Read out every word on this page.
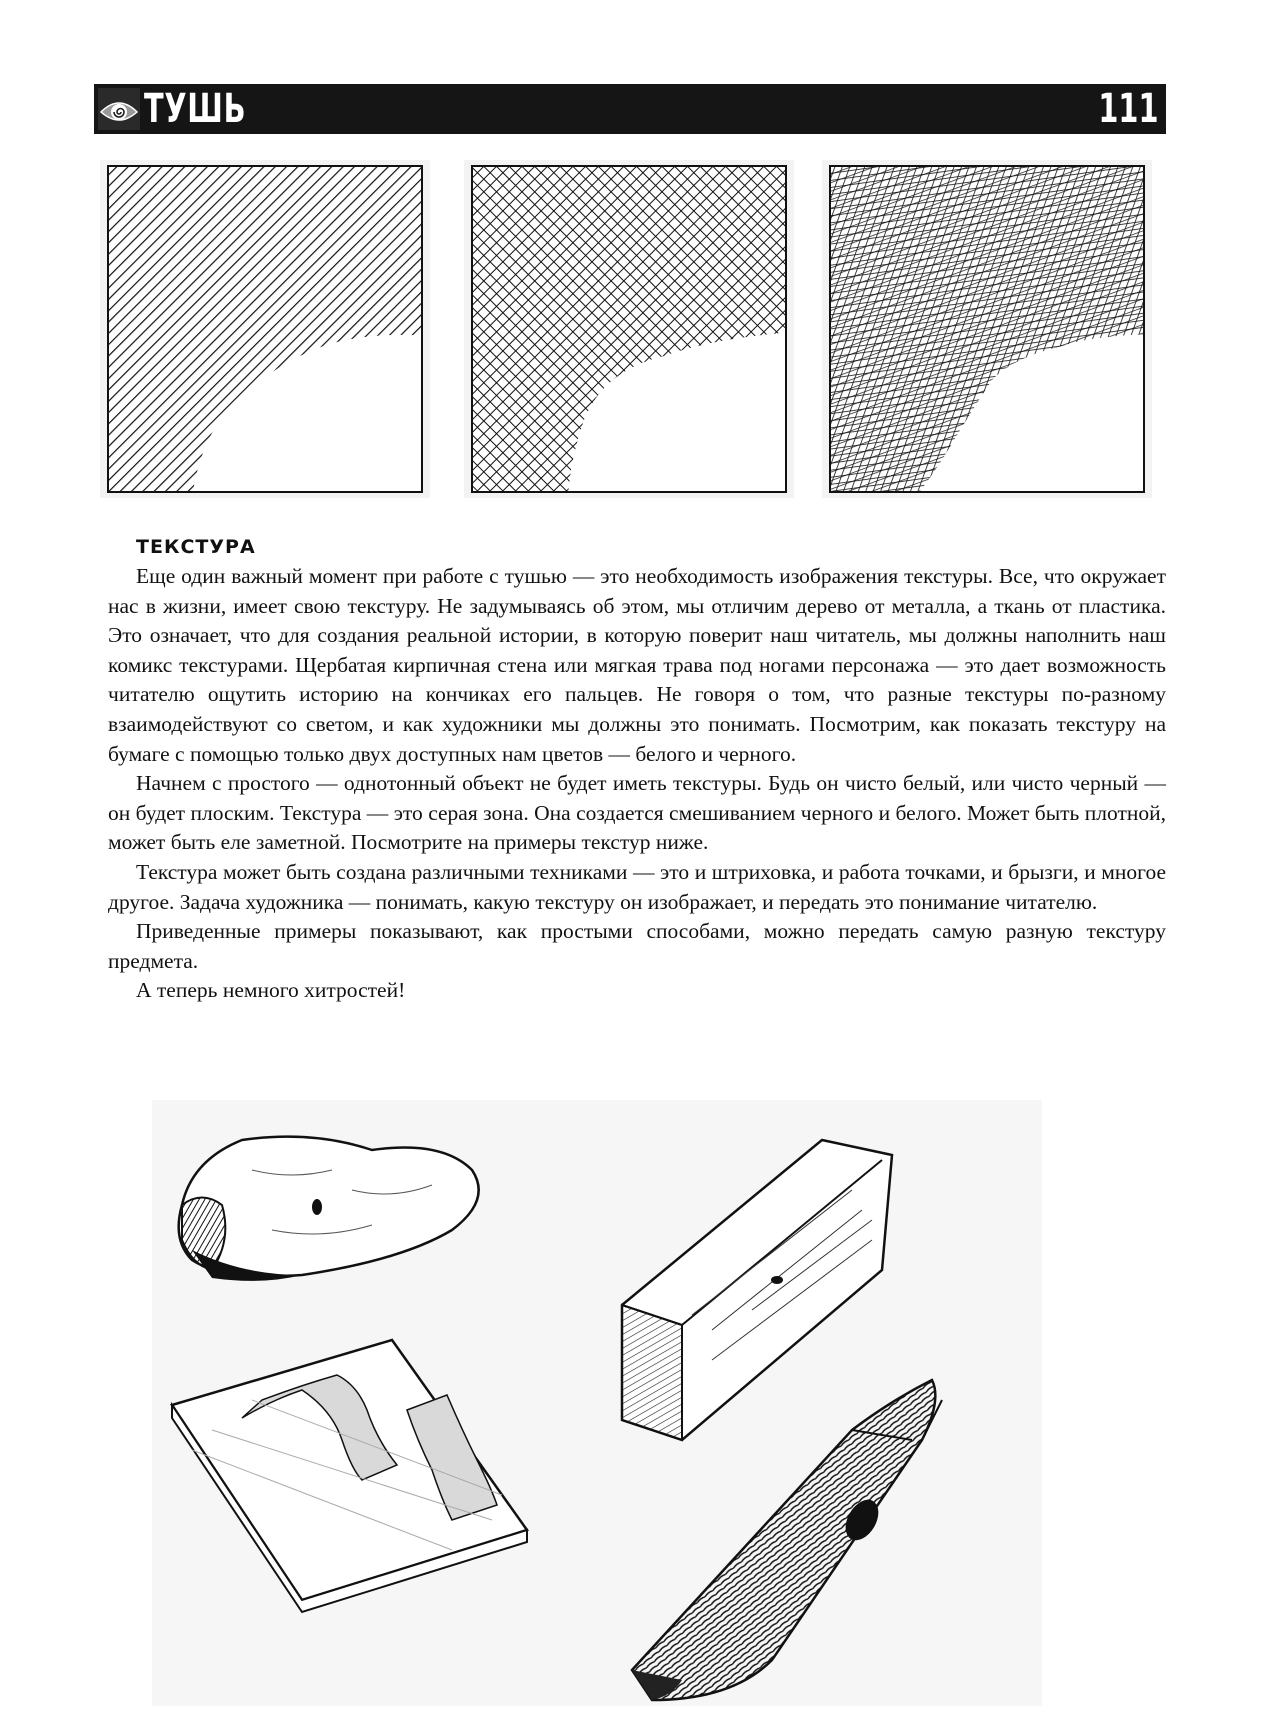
ТУШЬ	111
ТЕКСТУРА

Еще один важный момент при работе с тушью — это необходимость изображения текстуры. Все, что окружает нас в жизни, имеет свою текстуру. Не задумываясь об этом, мы отличим дерево от металла, а ткань от пластика. Это означает, что для создания реальной истории, в которую поверит наш читатель, мы должны наполнить наш комикс текстурами. Щербатая кирпичная стена или мягкая трава под ногами персонажа — это дает возможность читателю ощутить историю на кончиках его пальцев. Не говоря о том, что разные текстуры по-разному взаимодействуют со светом, и как художники мы должны это понимать. Посмотрим, как показать текстуру на бумаге с помощью только двух доступных нам цветов — белого и черного.

Начнем с простого — однотонный объект не будет иметь текстуры. Будь он чисто белый, или чисто черный — он будет плоским. Текстура — это серая зона. Она создается смешиванием черного и белого. Может быть плотной, может быть еле заметной. Посмотрите на примеры текстур ниже.

Текстура может быть создана различными техниками — это и штриховка, и работа точками, и брызги, и многое другое. Задача художника — понимать, какую текстуру он изображает, и передать это понимание читателю.

Приведенные примеры показывают, как простыми способами, можно передать самую разную текстуру предмета.

А теперь немного хитростей!
